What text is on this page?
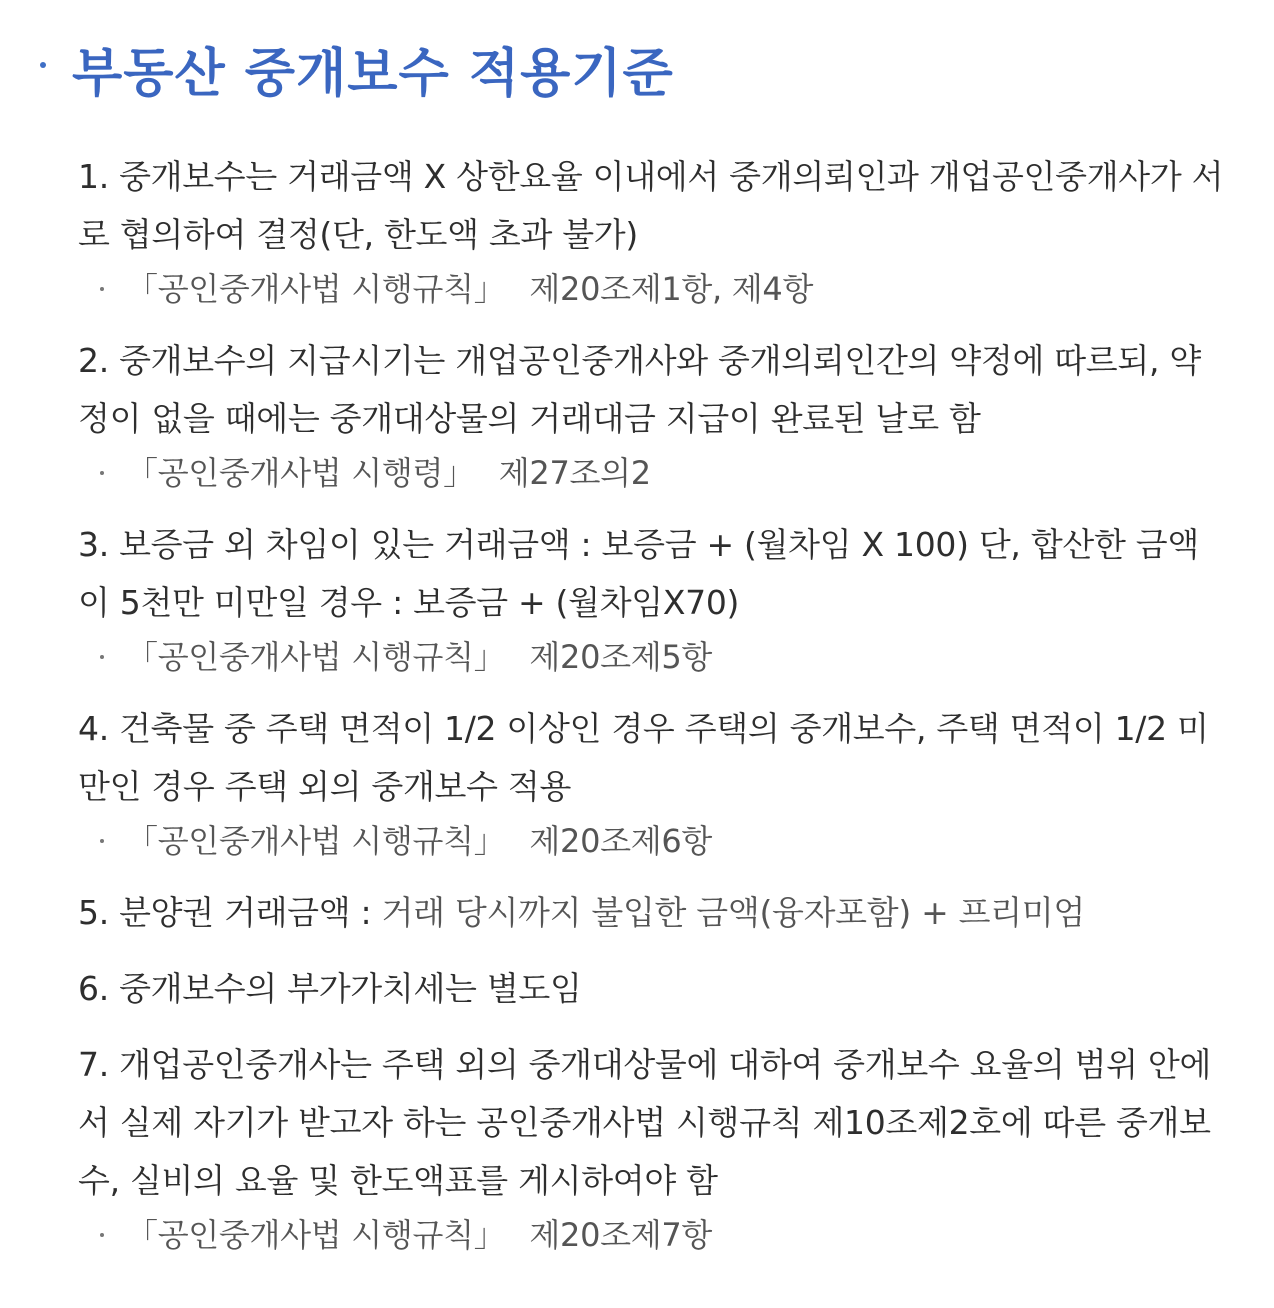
부동산 중개보수 적용기준

1. 중개보수는 거래금액 X 상한요율 이내에서 중개의뢰인과 개업공인중개사가 서로 협의하여 결정(단, 한도액 초과 불가)

「공인중개사법 시행규칙」 제20조제1항, 제4항

2. 중개보수의 지급시기는 개업공인중개사와 중개의뢰인간의 약정에 따르되, 약정이 없을 때에는 중개대상물의 거래대금 지급이 완료된 날로 함

「공인중개사법 시행령」 제27조의2

3. 보증금 외 차임이 있는 거래금액 : 보증금 + (월차임 X 100) 단, 합산한 금액이 5천만 미만일 경우 : 보증금 + (월차임X70)

「공인중개사법 시행규칙」 제20조제5항

4. 건축물 중 주택 면적이 1/2 이상인 경우 주택의 중개보수, 주택 면적이 1/2 미만인 경우 주택 외의 중개보수 적용

「공인중개사법 시행규칙」 제20조제6항

5. 분양권 거래금액 : 거래 당시까지 불입한 금액(융자포함) + 프리미엄

6. 중개보수의 부가가치세는 별도임

7. 개업공인중개사는 주택 외의 중개대상물에 대하여 중개보수 요율의 범위 안에서 실제 자기가 받고자 하는 공인중개사법 시행규칙 제10조제2호에 따른 중개보수, 실비의 요율 및 한도액표를 게시하여야 함

「공인중개사법 시행규칙」 제20조제7항
